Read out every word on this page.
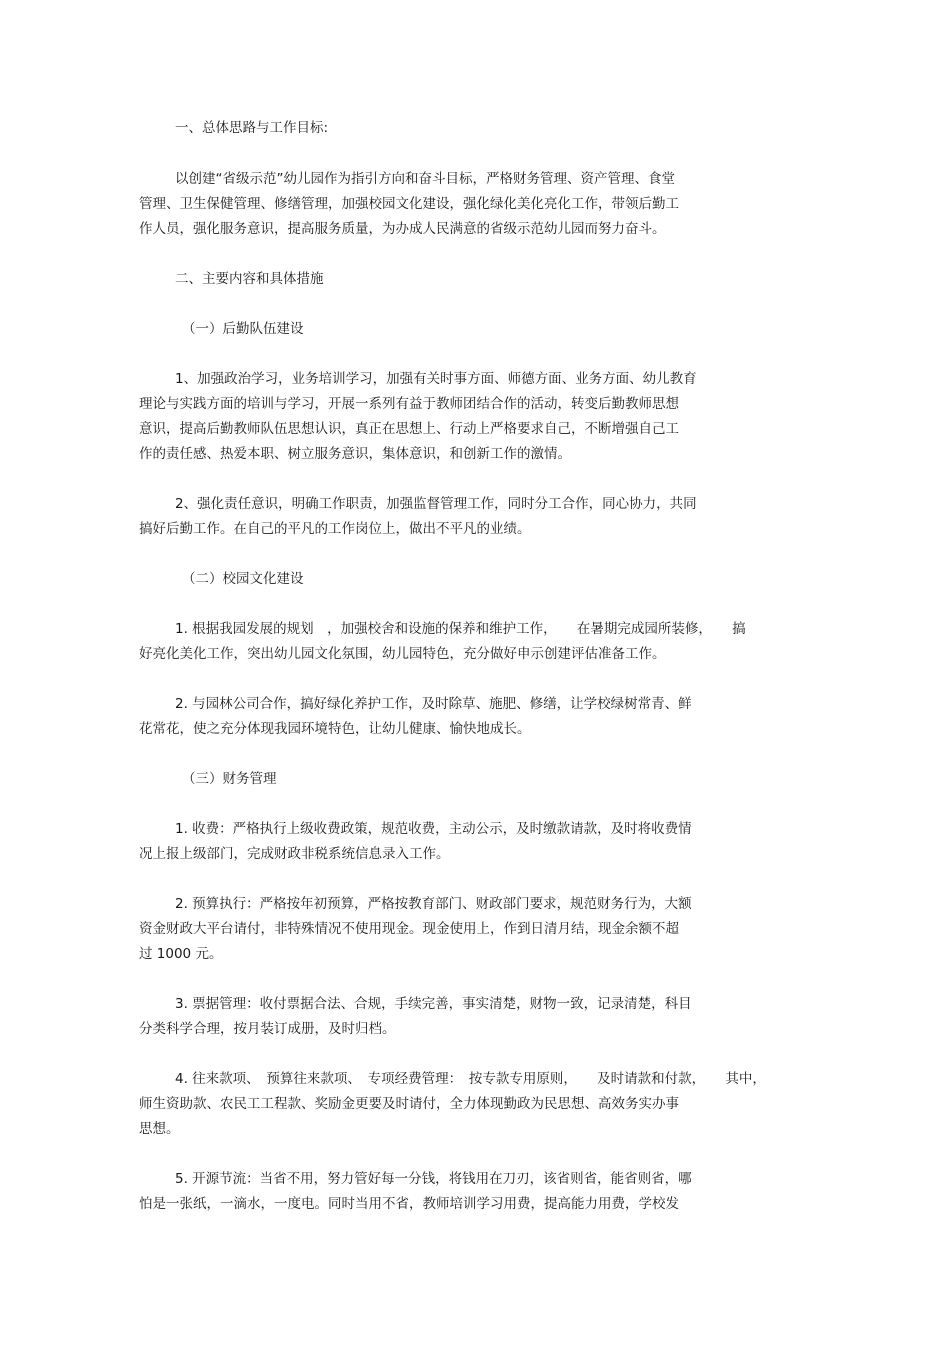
一、总体思路与工作目标:

以创建“省级示范”幼儿园作为指引方向和奋斗目标，严格财务管理、资产管理、食堂

管理、卫生保健管理、修缮管理，加强校园文化建设，强化绿化美化亮化工作，带领后勤工

作人员，强化服务意识，提高服务质量，为办成人民满意的省级示范幼儿园而努力奋斗。

二、主要内容和具体措施

（一）后勤队伍建设

1、加强政治学习，业务培训学习，加强有关时事方面、师德方面、业务方面、幼儿教育

理论与实践方面的培训与学习，开展一系列有益于教师团结合作的活动，转变后勤教师思想

意识，提高后勤教师队伍思想认识，真正在思想上、行动上严格要求自己，不断增强自己工

作的责任感、热爱本职、树立服务意识，集体意识，和创新工作的激情。

2、强化责任意识，明确工作职责，加强监督管理工作，同时分工合作，同心协力，共同

搞好后勤工作。在自己的平凡的工作岗位上，做出不平凡的业绩。

（二）校园文化建设

1. 根据我园发展的规划　，加强校舍和设施的保养和维护工作，　　在暑期完成园所装修，　　搞

好亮化美化工作，突出幼儿园文化氛围，幼儿园特色，充分做好申示创建评估准备工作。

2. 与园林公司合作，搞好绿化养护工作，及时除草、施肥、修缮，让学校绿树常青、鲜

花常花，使之充分体现我园环境特色，让幼儿健康、愉快地成长。

（三）财务管理

1. 收费：严格执行上级收费政策，规范收费，主动公示，及时缴款请款，及时将收费情

况上报上级部门，完成财政非税系统信息录入工作。

2. 预算执行：严格按年初预算，严格按教育部门、财政部门要求，规范财务行为，大额

资金财政大平台请付，非特殊情况不使用现金。现金使用上，作到日清月结，现金余额不超

过 1000 元。

3. 票据管理：收付票据合法、合规，手续完善，事实清楚，财物一致，记录清楚，科目

分类科学合理，按月装订成册，及时归档。

4. 往来款项、　预算往来款项、　专项经费管理：　按专款专用原则，　　及时请款和付款，　　其中，

师生资助款、农民工工程款、奖励金更要及时请付，全力体现勤政为民思想、高效务实办事

思想。

5. 开源节流：当省不用，努力管好每一分钱，将钱用在刀刃，该省则省，能省则省，哪

怕是一张纸，一滴水，一度电。同时当用不省，教师培训学习用费，提高能力用费，学校发
